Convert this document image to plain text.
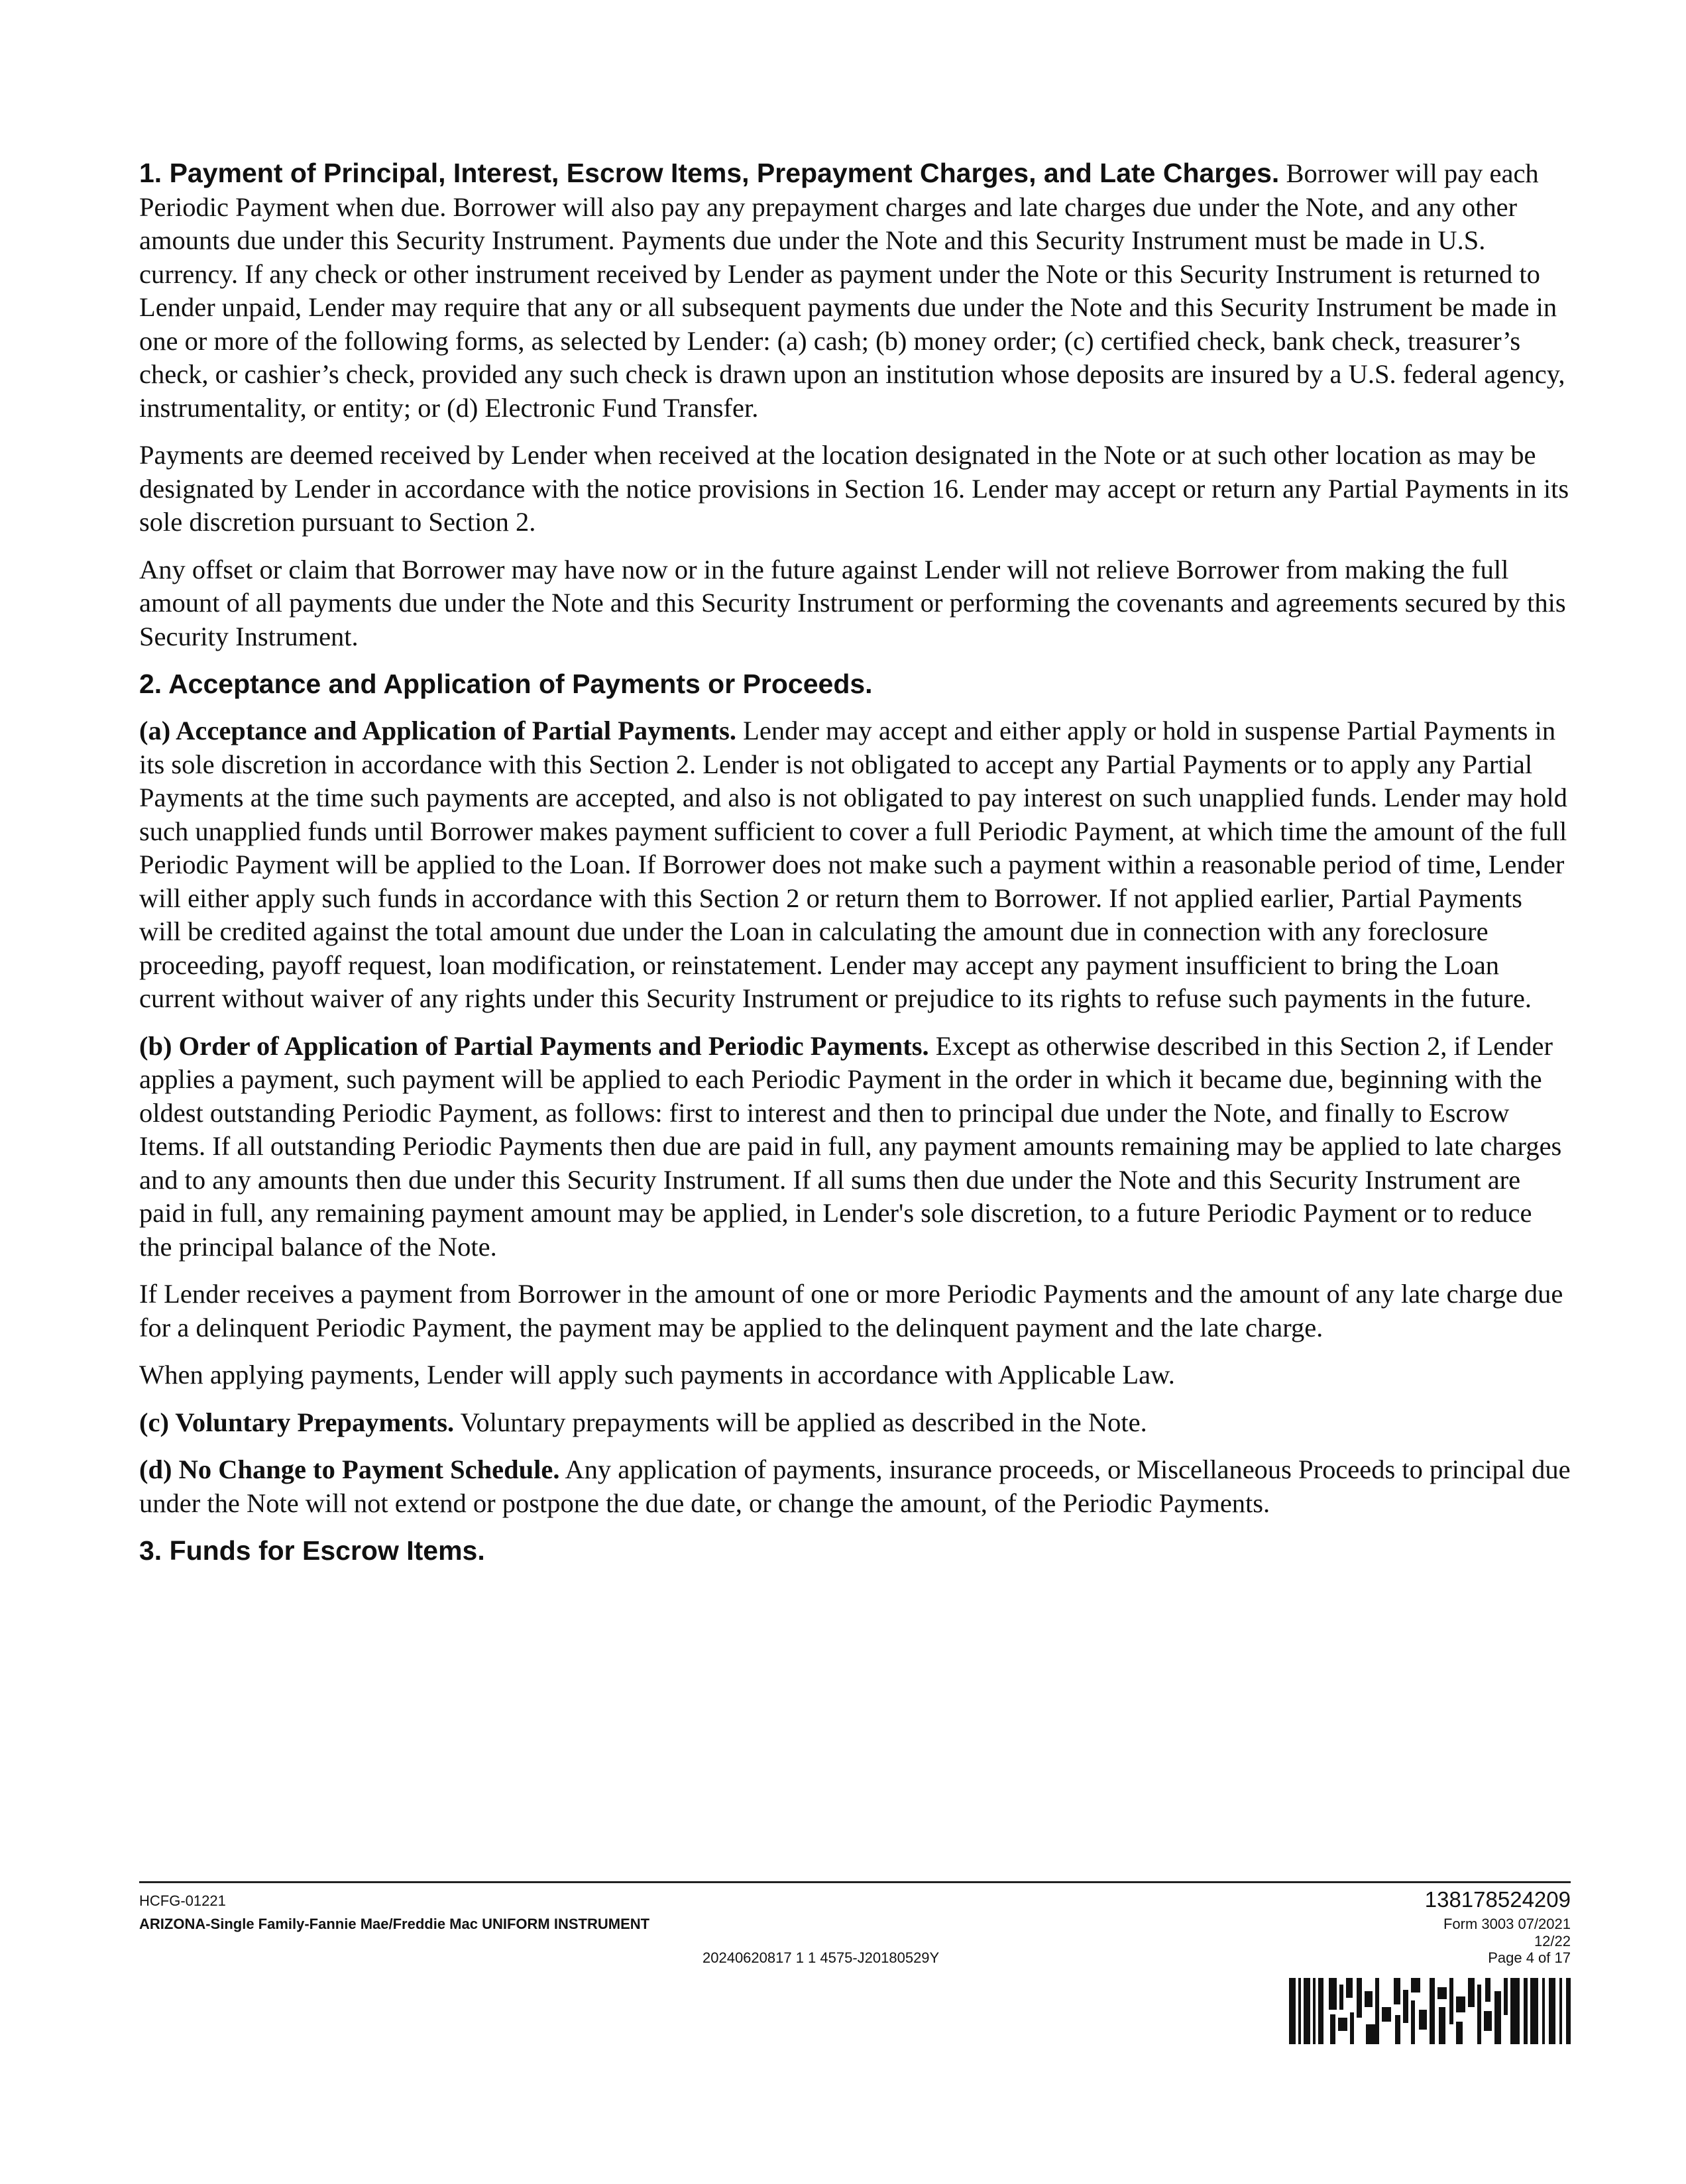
1. Payment of Principal, Interest, Escrow Items, Prepayment Charges, and Late Charges. Borrower will pay each Periodic Payment when due. Borrower will also pay any prepayment charges and late charges due under the Note, and any other amounts due under this Security Instrument. Payments due under the Note and this Security Instrument must be made in U.S. currency. If any check or other instrument received by Lender as payment under the Note or this Security Instrument is returned to Lender unpaid, Lender may require that any or all subsequent payments due under the Note and this Security Instrument be made in one or more of the following forms, as selected by Lender: (a) cash; (b) money order; (c) certified check, bank check, treasurer’s check, or cashier’s check, provided any such check is drawn upon an institution whose deposits are insured by a U.S. federal agency, instrumentality, or entity; or (d) Electronic Fund Transfer.

Payments are deemed received by Lender when received at the location designated in the Note or at such other location as may be designated by Lender in accordance with the notice provisions in Section 16. Lender may accept or return any Partial Payments in its sole discretion pursuant to Section 2.

Any offset or claim that Borrower may have now or in the future against Lender will not relieve Borrower from making the full amount of all payments due under the Note and this Security Instrument or performing the covenants and agreements secured by this Security Instrument.

2. Acceptance and Application of Payments or Proceeds.

(a) Acceptance and Application of Partial Payments. Lender may accept and either apply or hold in suspense Partial Payments in its sole discretion in accordance with this Section 2. Lender is not obligated to accept any Partial Payments or to apply any Partial Payments at the time such payments are accepted, and also is not obligated to pay interest on such unapplied funds. Lender may hold such unapplied funds until Borrower makes payment sufficient to cover a full Periodic Payment, at which time the amount of the full Periodic Payment will be applied to the Loan. If Borrower does not make such a payment within a reasonable period of time, Lender will either apply such funds in accordance with this Section 2 or return them to Borrower. If not applied earlier, Partial Payments will be credited against the total amount due under the Loan in calculating the amount due in connection with any foreclosure proceeding, payoff request, loan modification, or reinstatement. Lender may accept any payment insufficient to bring the Loan current without waiver of any rights under this Security Instrument or prejudice to its rights to refuse such payments in the future.

(b) Order of Application of Partial Payments and Periodic Payments. Except as otherwise described in this Section 2, if Lender applies a payment, such payment will be applied to each Periodic Payment in the order in which it became due, beginning with the oldest outstanding Periodic Payment, as follows: first to interest and then to principal due under the Note, and finally to Escrow Items. If all outstanding Periodic Payments then due are paid in full, any payment amounts remaining may be applied to late charges and to any amounts then due under this Security Instrument. If all sums then due under the Note and this Security Instrument are paid in full, any remaining payment amount may be applied, in Lender's sole discretion, to a future Periodic Payment or to reduce the principal balance of the Note.

If Lender receives a payment from Borrower in the amount of one or more Periodic Payments and the amount of any late charge due for a delinquent Periodic Payment, the payment may be applied to the delinquent payment and the late charge.

When applying payments, Lender will apply such payments in accordance with Applicable Law.

(c) Voluntary Prepayments. Voluntary prepayments will be applied as described in the Note.

(d) No Change to Payment Schedule. Any application of payments, insurance proceeds, or Miscellaneous Proceeds to principal due under the Note will not extend or postpone the due date, or change the amount, of the Periodic Payments.

3. Funds for Escrow Items.
HCFG-01221
ARIZONA-Single Family-Fannie Mae/Freddie Mac UNIFORM INSTRUMENT
20240620817 1 1 4575-J20180529Y
138178524209
Form 3003 07/2021
12/22
Page 4 of 17
